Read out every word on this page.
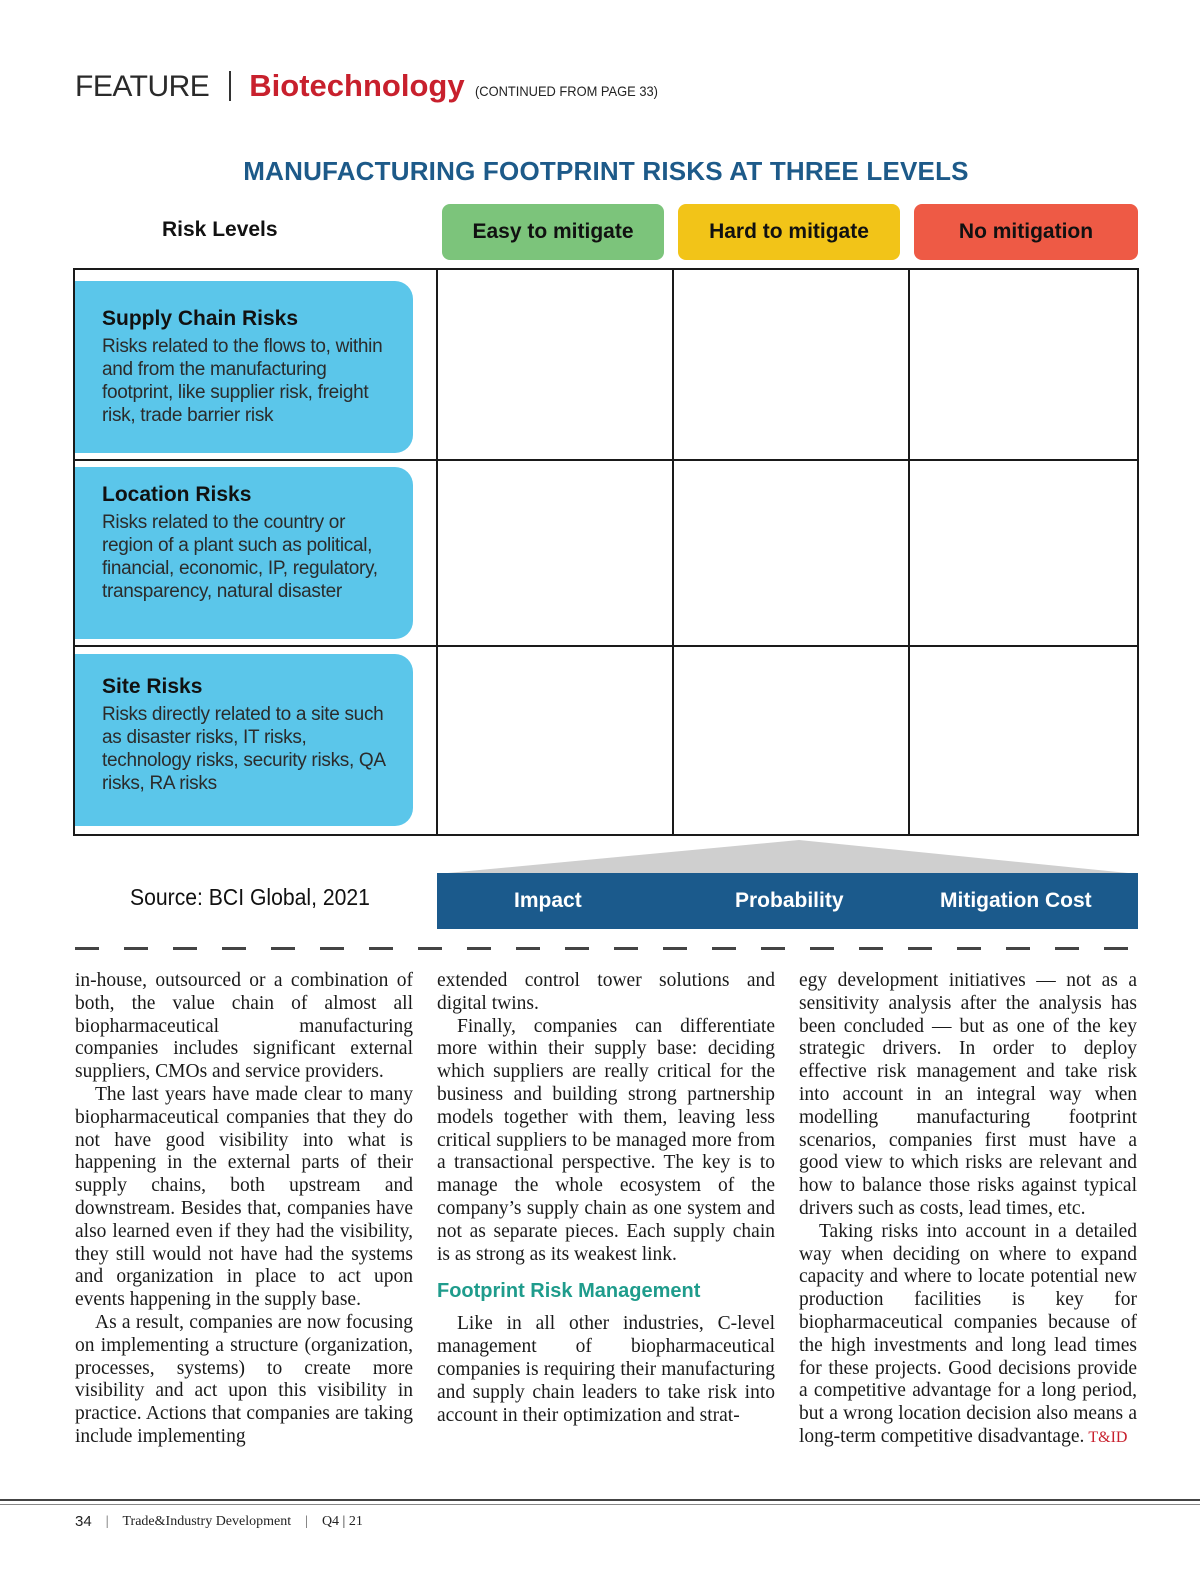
FEATURE Biotechnology (CONTINUED FROM PAGE 33)
MANUFACTURING FOOTPRINT RISKS AT THREE LEVELS
Risk Levels	Easy to mitigate	Hard to mitigate	No mitigation
Supply Chain Risks

Risks related to the flows to, within and from the manufacturing footprint, like supplier risk, freight risk, trade barrier risk

Location Risks

Risks related to the country or region of a plant such as political, financial, economic, IP, regulatory, transparency, natural disaster

Site Risks

Risks directly related to a site such as disaster risks, IT risks, technology risks, security risks, QA risks, RA risks

Source: BCI Global, 2021	Impact	Probability	Mitigation Cost

in-house, outsourced or a combination of both, the value chain of almost all biopharmaceutical manufacturing companies includes significant external suppliers, CMOs and service providers.

The last years have made clear to many biopharmaceutical companies that they do not have good visibility into what is happening in the external parts of their supply chains, both upstream and downstream. Besides that, companies have also learned even if they had the visibility, they still would not have had the systems and organization in place to act upon events happening in the supply base.

As a result, companies are now focusing on implementing a structure (organization, processes, systems) to create more visibility and act upon this visibility in practice. Actions that companies are taking include implementing

extended control tower solutions and digital twins.

Finally, companies can differentiate more within their supply base: deciding which suppliers are really critical for the business and building strong partnership models together with them, leaving less critical suppliers to be managed more from a transactional perspective. The key is to manage the whole ecosystem of the company’s supply chain as one system and not as separate pieces. Each supply chain is as strong as its weakest link.

Footprint Risk Management

Like in all other industries, C-level management of biopharmaceutical companies is requiring their manufacturing and supply chain leaders to take risk into account in their optimization and strat-

egy development initiatives — not as a sensitivity analysis after the analysis has been concluded — but as one of the key strategic drivers. In order to deploy effective risk management and take risk into account in an integral way when modelling manufacturing footprint scenarios, companies first must have a good view to which risks are relevant and how to balance those risks against typical drivers such as costs, lead times, etc.

Taking risks into account in a detailed way when deciding on where to expand capacity and where to locate potential new production facilities is key for biopharmaceutical companies because of the high investments and long lead times for these projects. Good decisions provide a competitive advantage for a long period, but a wrong location decision also means a long-term competitive disadvantage. T&ID

34 | Trade&Industry Development | Q4 | 21
